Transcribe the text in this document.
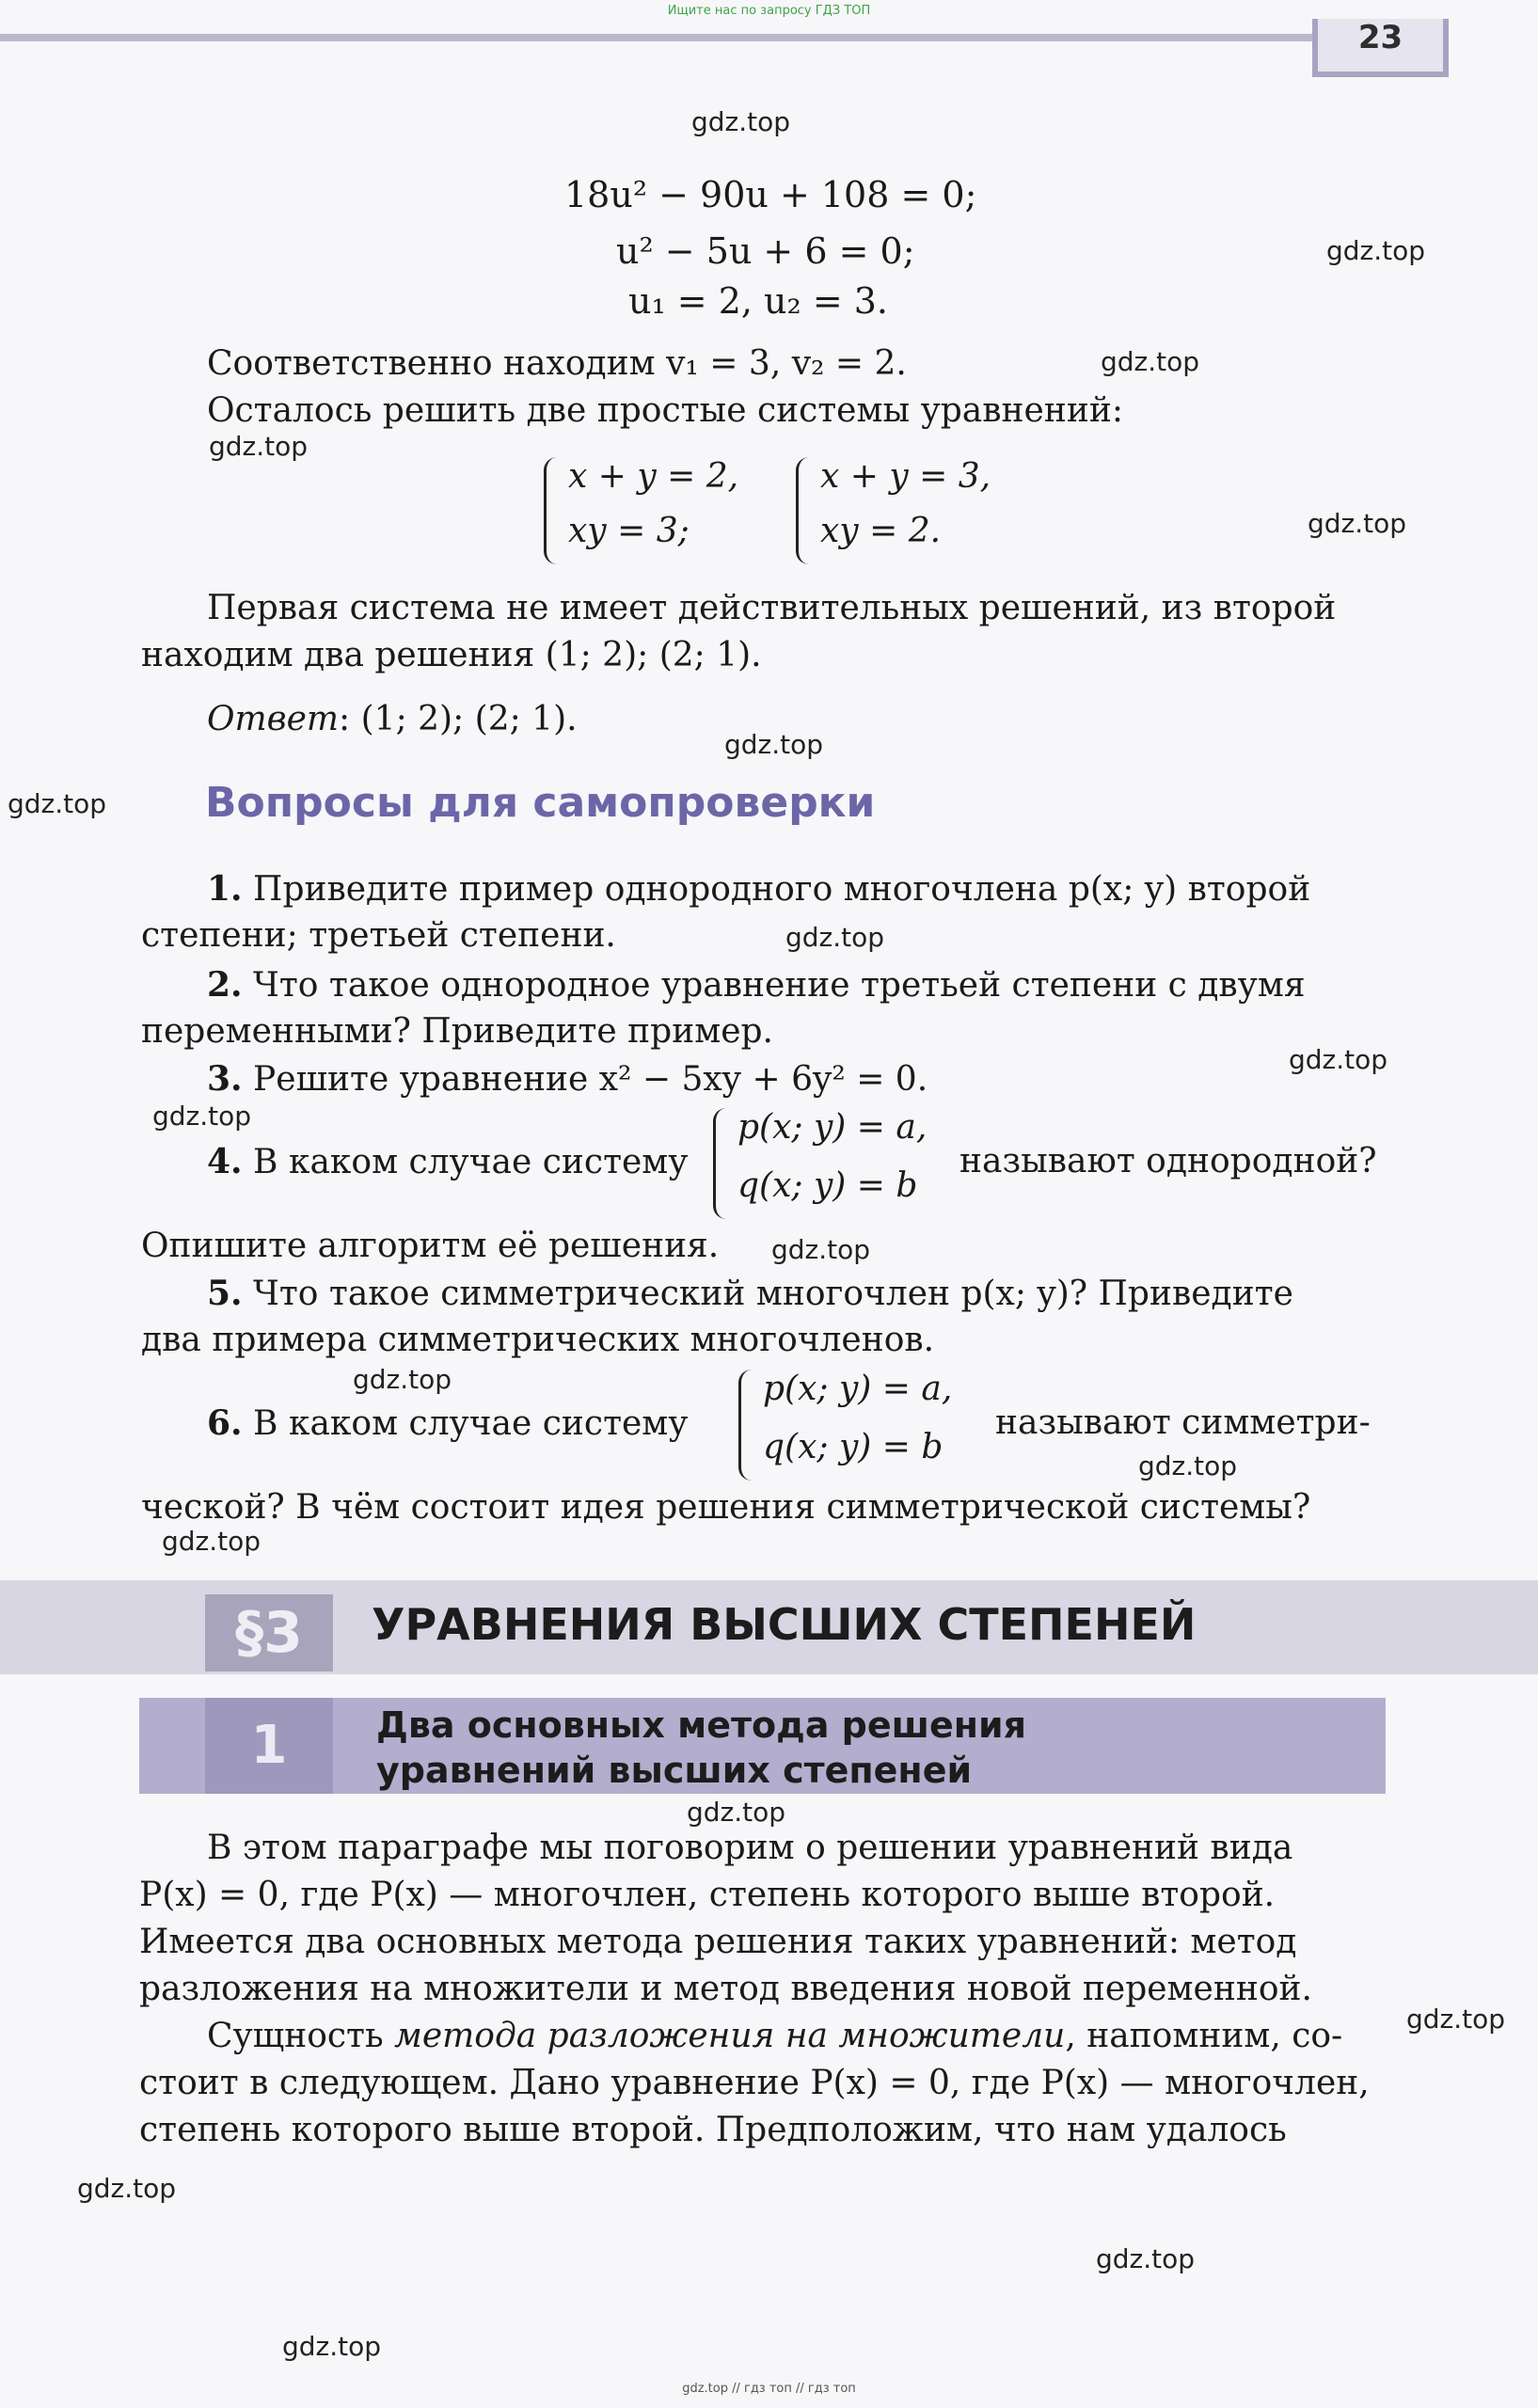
Ищите нас по запросу ГДЗ ТОП
23
gdz.top
gdz.top
gdz.top
gdz.top
gdz.top
gdz.top
gdz.top
gdz.top
gdz.top
gdz.top
gdz.top
gdz.top
gdz.top
gdz.top
gdz.top
gdz.top
gdz.top
gdz.top
gdz.top
18u² − 90u + 108 = 0;
u² − 5u + 6 = 0;
u₁ = 2, u₂ = 3.
Соответственно находим v₁ = 3, v₂ = 2.
Осталось решить две простые системы уравнений:
x + y = 2,
xy = 3;
x + y = 3,
xy = 2.
Первая система не имеет действительных решений, из второй
находим два решения (1; 2); (2; 1).
Ответ: (1; 2); (2; 1).
Вопросы для самопроверки
1. Приведите пример однородного многочлена p(x; y) второй
степени; третьей степени.
2. Что такое однородное уравнение третьей степени с двумя
переменными? Приведите пример.
3. Решите уравнение x² − 5xy + 6y² = 0.
4. В каком случае систему
p(x; y) = a,
q(x; y) = b
называют однородной?
Опишите алгоритм её решения.
5. Что такое симметрический многочлен p(x; y)? Приведите
два примера симметрических многочленов.
6. В каком случае систему
p(x; y) = a,
q(x; y) = b
называют симметри-
ческой? В чём состоит идея решения симметрической системы?
§3	УРАВНЕНИЯ ВЫСШИХ СТЕПЕНЕЙ
1	Два основных метода решения
уравнений высших степеней
В этом параграфе мы поговорим о решении уравнений вида
P(x) = 0, где P(x) — многочлен, степень которого выше второй.
Имеется два основных метода решения таких уравнений: метод
разложения на множители и метод введения новой переменной.
Сущность метода разложения на множители, напомним, со-
стоит в следующем. Дано уравнение P(x) = 0, где P(x) — многочлен,
степень которого выше второй. Предположим, что нам удалось
gdz.top // гдз топ // гдз топ
